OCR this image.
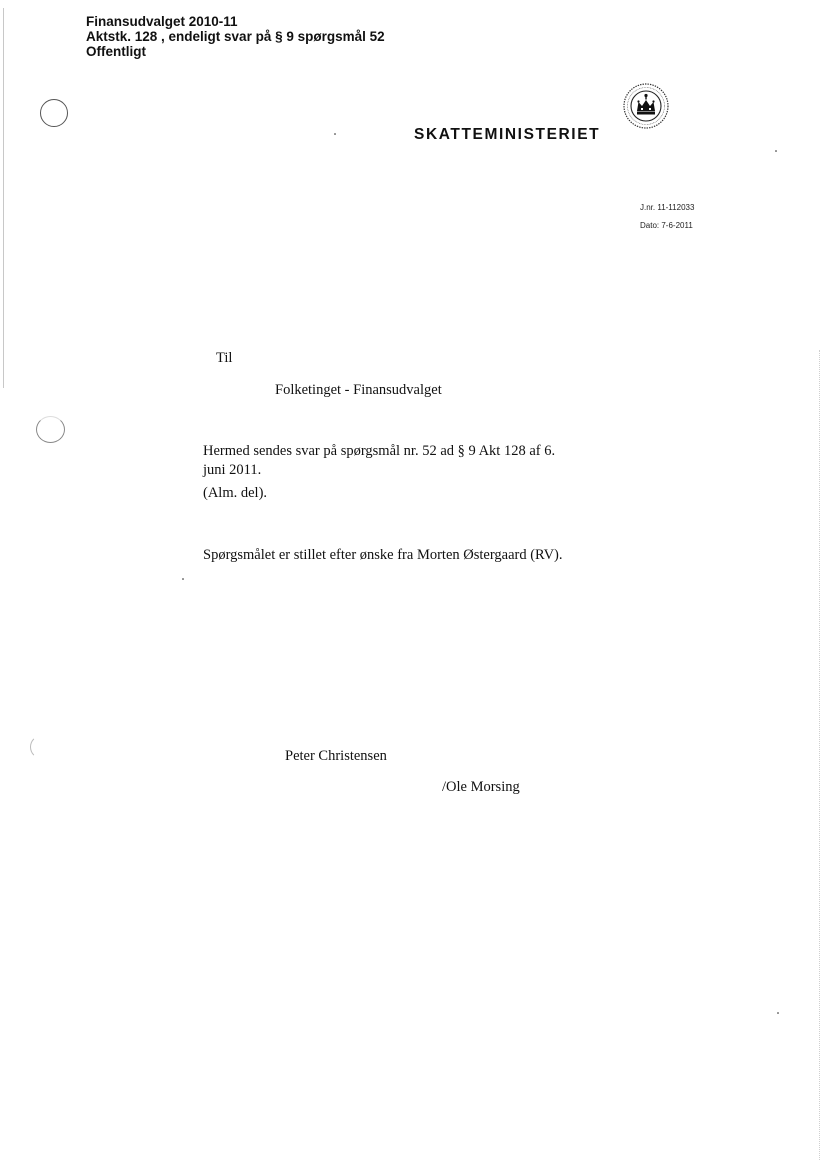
Finansudvalget 2010-11
Aktstk. 128 , endeligt svar på § 9 spørgsmål 52
Offentligt
SKATTEMINISTERIET
J.nr. 11-112033
Dato: 7-6-2011
Til
Folketinget - Finansudvalget
Hermed sendes svar på spørgsmål nr. 52 ad § 9 Akt 128 af 6. juni 2011.
(Alm. del).
Spørgsmålet er stillet efter ønske fra Morten Østergaard (RV).
Peter Christensen
/Ole Morsing
